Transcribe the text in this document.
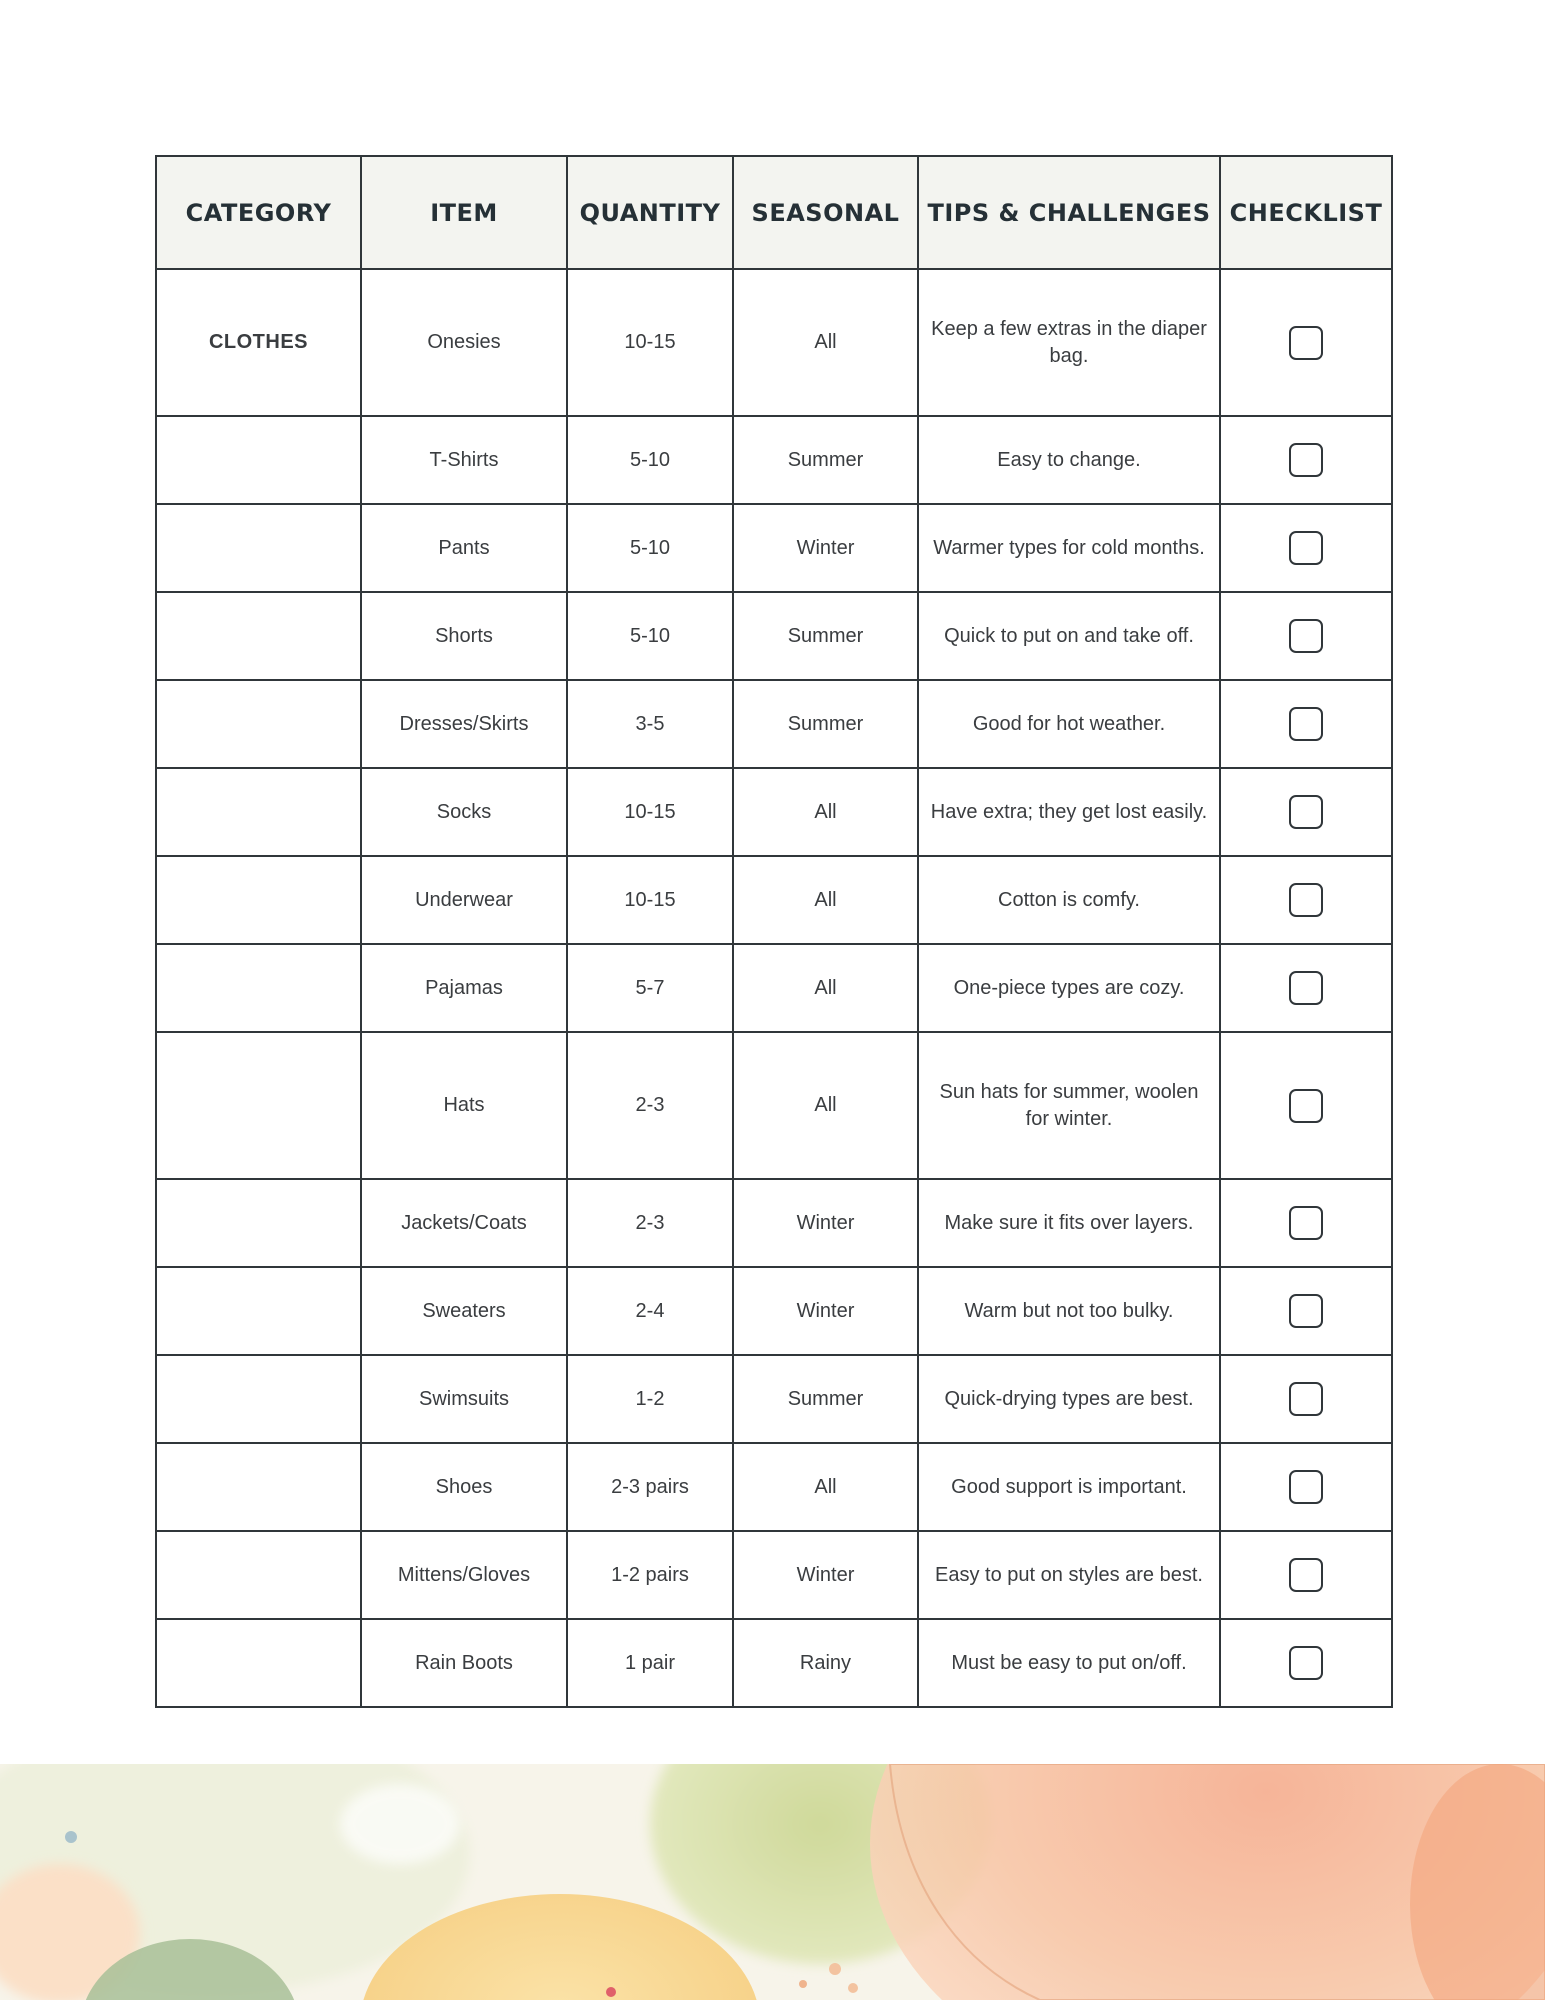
CATEGORY	ITEM	QUANTITY	SEASONAL	TIPS & CHALLENGES	CHECKLIST
CLOTHES	Onesies	10-15	All	Keep a few extras in the diaper bag.	
	T-Shirts	5-10	Summer	Easy to change.	
	Pants	5-10	Winter	Warmer types for cold months.	
	Shorts	5-10	Summer	Quick to put on and take off.	
	Dresses/Skirts	3-5	Summer	Good for hot weather.	
	Socks	10-15	All	Have extra; they get lost easily.	
	Underwear	10-15	All	Cotton is comfy.	
	Pajamas	5-7	All	One-piece types are cozy.	
	Hats	2-3	All	Sun hats for summer, woolen for winter.	
	Jackets/Coats	2-3	Winter	Make sure it fits over layers.	
	Sweaters	2-4	Winter	Warm but not too bulky.	
	Swimsuits	1-2	Summer	Quick-drying types are best.	
	Shoes	2-3 pairs	All	Good support is important.	
	Mittens/Gloves	1-2 pairs	Winter	Easy to put on styles are best.	
	Rain Boots	1 pair	Rainy	Must be easy to put on/off.	
